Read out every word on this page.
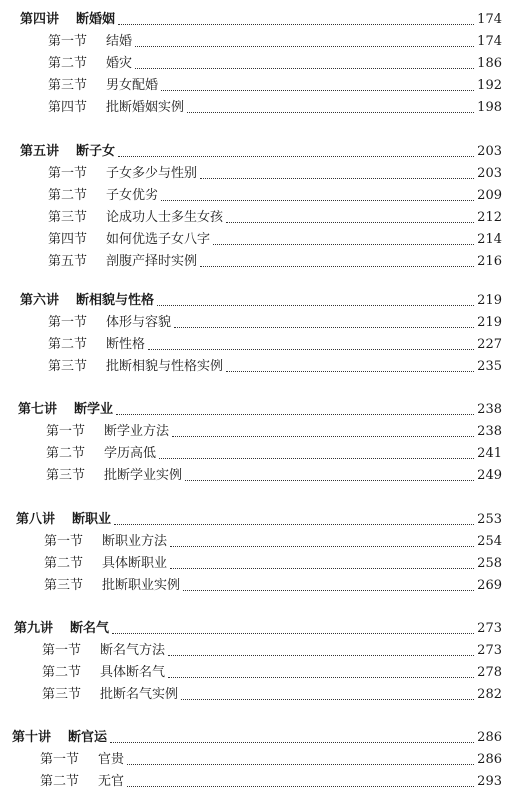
第四讲	断婚姻	174
第一节	结婚	174
第二节	婚灾	186
第三节	男女配婚	192
第四节	批断婚姻实例	198
第五讲	断子女	203
第一节	子女多少与性别	203
第二节	子女优劣	209
第三节	论成功人士多生女孩	212
第四节	如何优选子女八字	214
第五节	剖腹产择时实例	216
第六讲	断相貌与性格	219
第一节	体形与容貌	219
第二节	断性格	227
第三节	批断相貌与性格实例	235
第七讲	断学业	238
第一节	断学业方法	238
第二节	学历高低	241
第三节	批断学业实例	249
第八讲	断职业	253
第一节	断职业方法	254
第二节	具体断职业	258
第三节	批断职业实例	269
第九讲	断名气	273
第一节	断名气方法	273
第二节	具体断名气	278
第三节	批断名气实例	282
第十讲	断官运	286
第一节	官贵	286
第二节	无官	293
